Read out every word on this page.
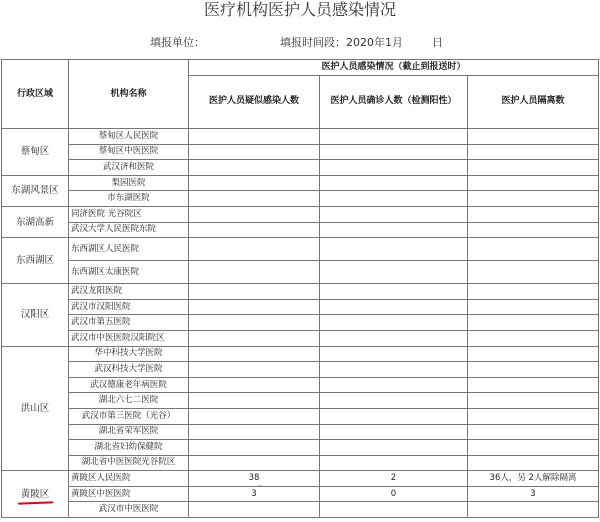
医疗机构医护人员感染情况
填报单位：	填报时间段：2020年1月	日
行政区域	机构名称	医护人员感染情况（截止到报送时）		

		医护人员疑似感染人数	医护人员确诊人数（检测阳性）	医护人员隔离数

蔡甸区	蔡甸区人民医院			
	蔡甸区中医医院			
	武汉济和医院			
东湖风景区	梨园医院			
	市东湖医院			
东湖高新	同济医院 光谷院区			
	武汉大学人民医院东院			
东西湖区	东西湖区人民医院			
	东西湖区太康医院			
汉阳区	武汉龙阳医院			
	武汉市汉阳医院			
	武汉市第五医院			
	武汉市中医医院汉阳院区			
洪山区	华中科技大学医院			
	武汉科技大学医院			
	武汉德康老年病医院			
	湖北六七二医院			
	武汉市第三医院（光谷）			
	湖北省荣军医院			
	湖北省妇幼保健院			
	湖北省中医医院光谷院区			
黄陂区	黄陂区人民医院	38	2	36人，另 2人解除隔离
	黄陂区中医医院	3	0	3
	武汉市中医医院			
